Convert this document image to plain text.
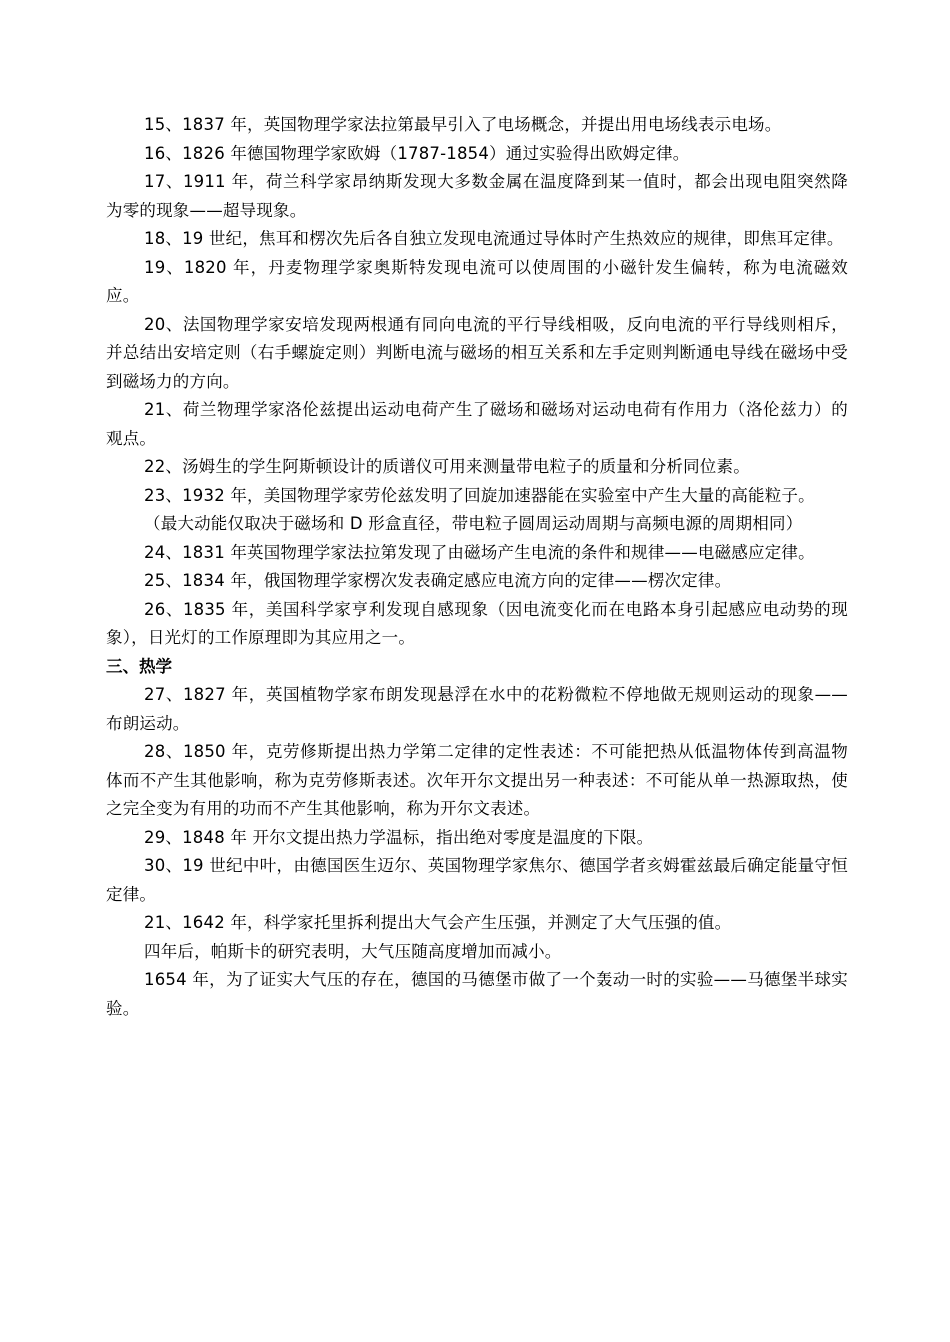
15、1837 年，英国物理学家法拉第最早引入了电场概念，并提出用电场线表示电场。

16、1826 年德国物理学家欧姆（1787-1854）通过实验得出欧姆定律。

17、1911 年，荷兰科学家昂纳斯发现大多数金属在温度降到某一值时，都会出现电阻突然降为零的现象——超导现象。

18、19 世纪，焦耳和楞次先后各自独立发现电流通过导体时产生热效应的规律，即焦耳定律。

19、1820 年，丹麦物理学家奥斯特发现电流可以使周围的小磁针发生偏转，称为电流磁效应。

20、法国物理学家安培发现两根通有同向电流的平行导线相吸，反向电流的平行导线则相斥，并总结出安培定则（右手螺旋定则）判断电流与磁场的相互关系和左手定则判断通电导线在磁场中受到磁场力的方向。

21、荷兰物理学家洛伦兹提出运动电荷产生了磁场和磁场对运动电荷有作用力（洛伦兹力）的观点。

22、汤姆生的学生阿斯顿设计的质谱仪可用来测量带电粒子的质量和分析同位素。

23、1932 年，美国物理学家劳伦兹发明了回旋加速器能在实验室中产生大量的高能粒子。

（最大动能仅取决于磁场和 D 形盒直径，带电粒子圆周运动周期与高频电源的周期相同）

24、1831 年英国物理学家法拉第发现了由磁场产生电流的条件和规律——电磁感应定律。

25、1834 年，俄国物理学家楞次发表确定感应电流方向的定律——楞次定律。

26、1835 年，美国科学家亨利发现自感现象（因电流变化而在电路本身引起感应电动势的现象），日光灯的工作原理即为其应用之一。

三、热学

27、1827 年，英国植物学家布朗发现悬浮在水中的花粉微粒不停地做无规则运动的现象——布朗运动。

28、1850 年，克劳修斯提出热力学第二定律的定性表述：不可能把热从低温物体传到高温物体而不产生其他影响，称为克劳修斯表述。次年开尔文提出另一种表述：不可能从单一热源取热，使之完全变为有用的功而不产生其他影响，称为开尔文表述。

29、1848 年 开尔文提出热力学温标，指出绝对零度是温度的下限。

30、19 世纪中叶，由德国医生迈尔、英国物理学家焦尔、德国学者亥姆霍兹最后确定能量守恒定律。

21、1642 年，科学家托里拆利提出大气会产生压强，并测定了大气压强的值。

四年后，帕斯卡的研究表明，大气压随高度增加而减小。

1654 年，为了证实大气压的存在，德国的马德堡市做了一个轰动一时的实验——马德堡半球实验。
